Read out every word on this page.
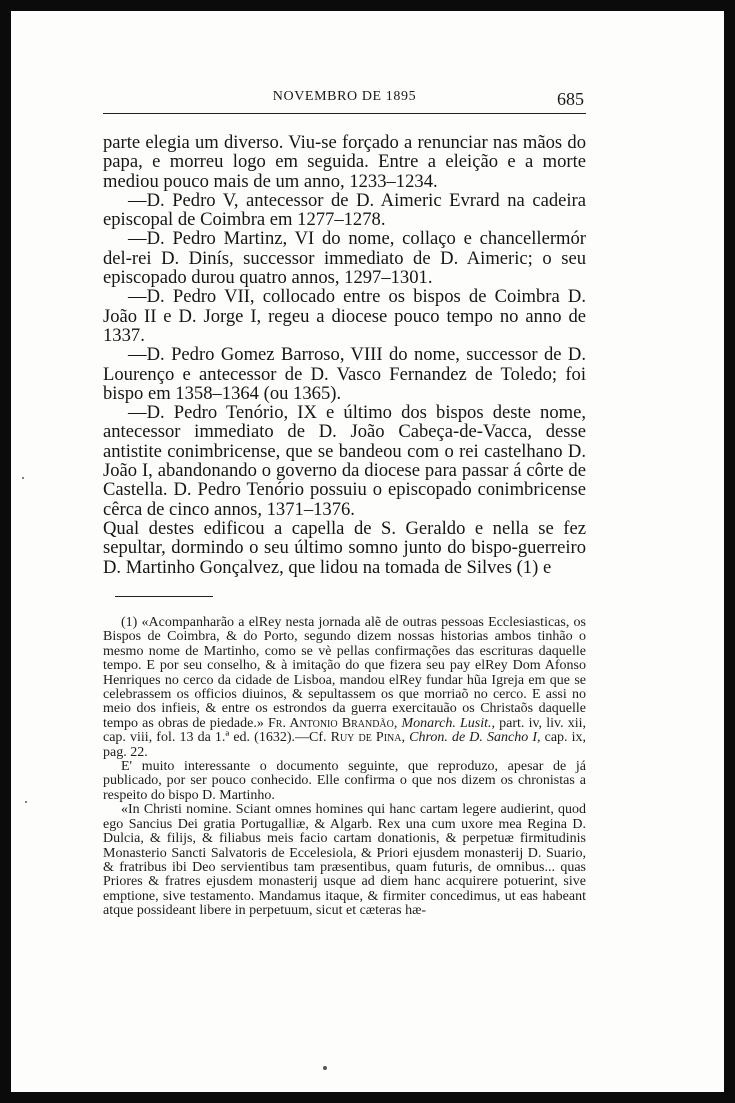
NOVEMBRO DE 1895	685

parte elegia um diverso. Viu-se forçado a renunciar nas mãos do papa, e morreu logo em seguida. Entre a eleição e a morte mediou pouco mais de um anno, 1233–1234.

—D. Pedro V, antecessor de D. Aimeric Evrard na cadeira episcopal de Coimbra em 1277–1278.

—D. Pedro Martinz, VI do nome, collaço e chancellermór del-rei D. Dinís, successor immediato de D. Aimeric; o seu episcopado durou quatro annos, 1297–1301.

—D. Pedro VII, collocado entre os bispos de Coimbra D. João II e D. Jorge I, regeu a diocese pouco tempo no anno de 1337.

—D. Pedro Gomez Barroso, VIII do nome, successor de D. Lourenço e antecessor de D. Vasco Fernandez de Toledo; foi bispo em 1358–1364 (ou 1365).

—D. Pedro Tenório, IX e último dos bispos deste nome, antecessor immediato de D. João Cabeça-de-Vacca, desse antistite conimbricense, que se bandeou com o rei castelhano D. João I, abandonando o governo da diocese para passar á côrte de Castella. D. Pedro Tenório possuiu o episcopado conimbricense cêrca de cinco annos, 1371–1376.

Qual destes edificou a capella de S. Geraldo e nella se fez sepultar, dormindo o seu último somno junto do bispo-guerreiro D. Martinho Gonçalvez, que lidou na tomada de Silves (1) e

(1) «Acompanharão a elRey nesta jornada alẽ de outras pessoas Ecclesiasticas, os Bispos de Coimbra, & do Porto, segundo dizem nossas historias ambos tinhão o mesmo nome de Martinho, como se vè pellas confirmações das escrituras daquelle tempo. E por seu conselho, & à imitação do que fizera seu pay elRey Dom Afonso Henriques no cerco da cidade de Lisboa, mandou elRey fundar hũa Igreja em que se celebrassem os officios diuinos, & sepultassem os que morriaõ no cerco. E assi no meio dos infieis, & entre os estrondos da guerra exercitauão os Christaõs daquelle tempo as obras de piedade.» Fr. Antonio Brandão, Monarch. Lusit., part. iv, liv. xii, cap. viii, fol. 13 da 1.ª ed. (1632).—Cf. Ruy de Pina, Chron. de D. Sancho I, cap. ix, pag. 22.

E' muito interessante o documento seguinte, que reproduzo, apesar de já publicado, por ser pouco conhecido. Elle confirma o que nos dizem os chronistas a respeito do bispo D. Martinho.

«In Christi nomine. Sciant omnes homines qui hanc cartam legere audierint, quod ego Sancius Dei gratia Portugalliæ, & Algarb. Rex una cum uxore mea Regina D. Dulcia, & filijs, & filiabus meis facio cartam donationis, & perpetuæ firmitudinis Monasterio Sancti Salvatoris de Eccelesiola, & Priori ejusdem monasterij D. Suario, & fratribus ibi Deo servientibus tam præsentibus, quam futuris, de omnibus... quas Priores & fratres ejusdem monasterij usque ad diem hanc acquirere potuerint, sive emptione, sive testamento. Mandamus itaque, & firmiter concedimus, ut eas habeant atque possideant libere in perpetuum, sicut et cæteras hæ-
